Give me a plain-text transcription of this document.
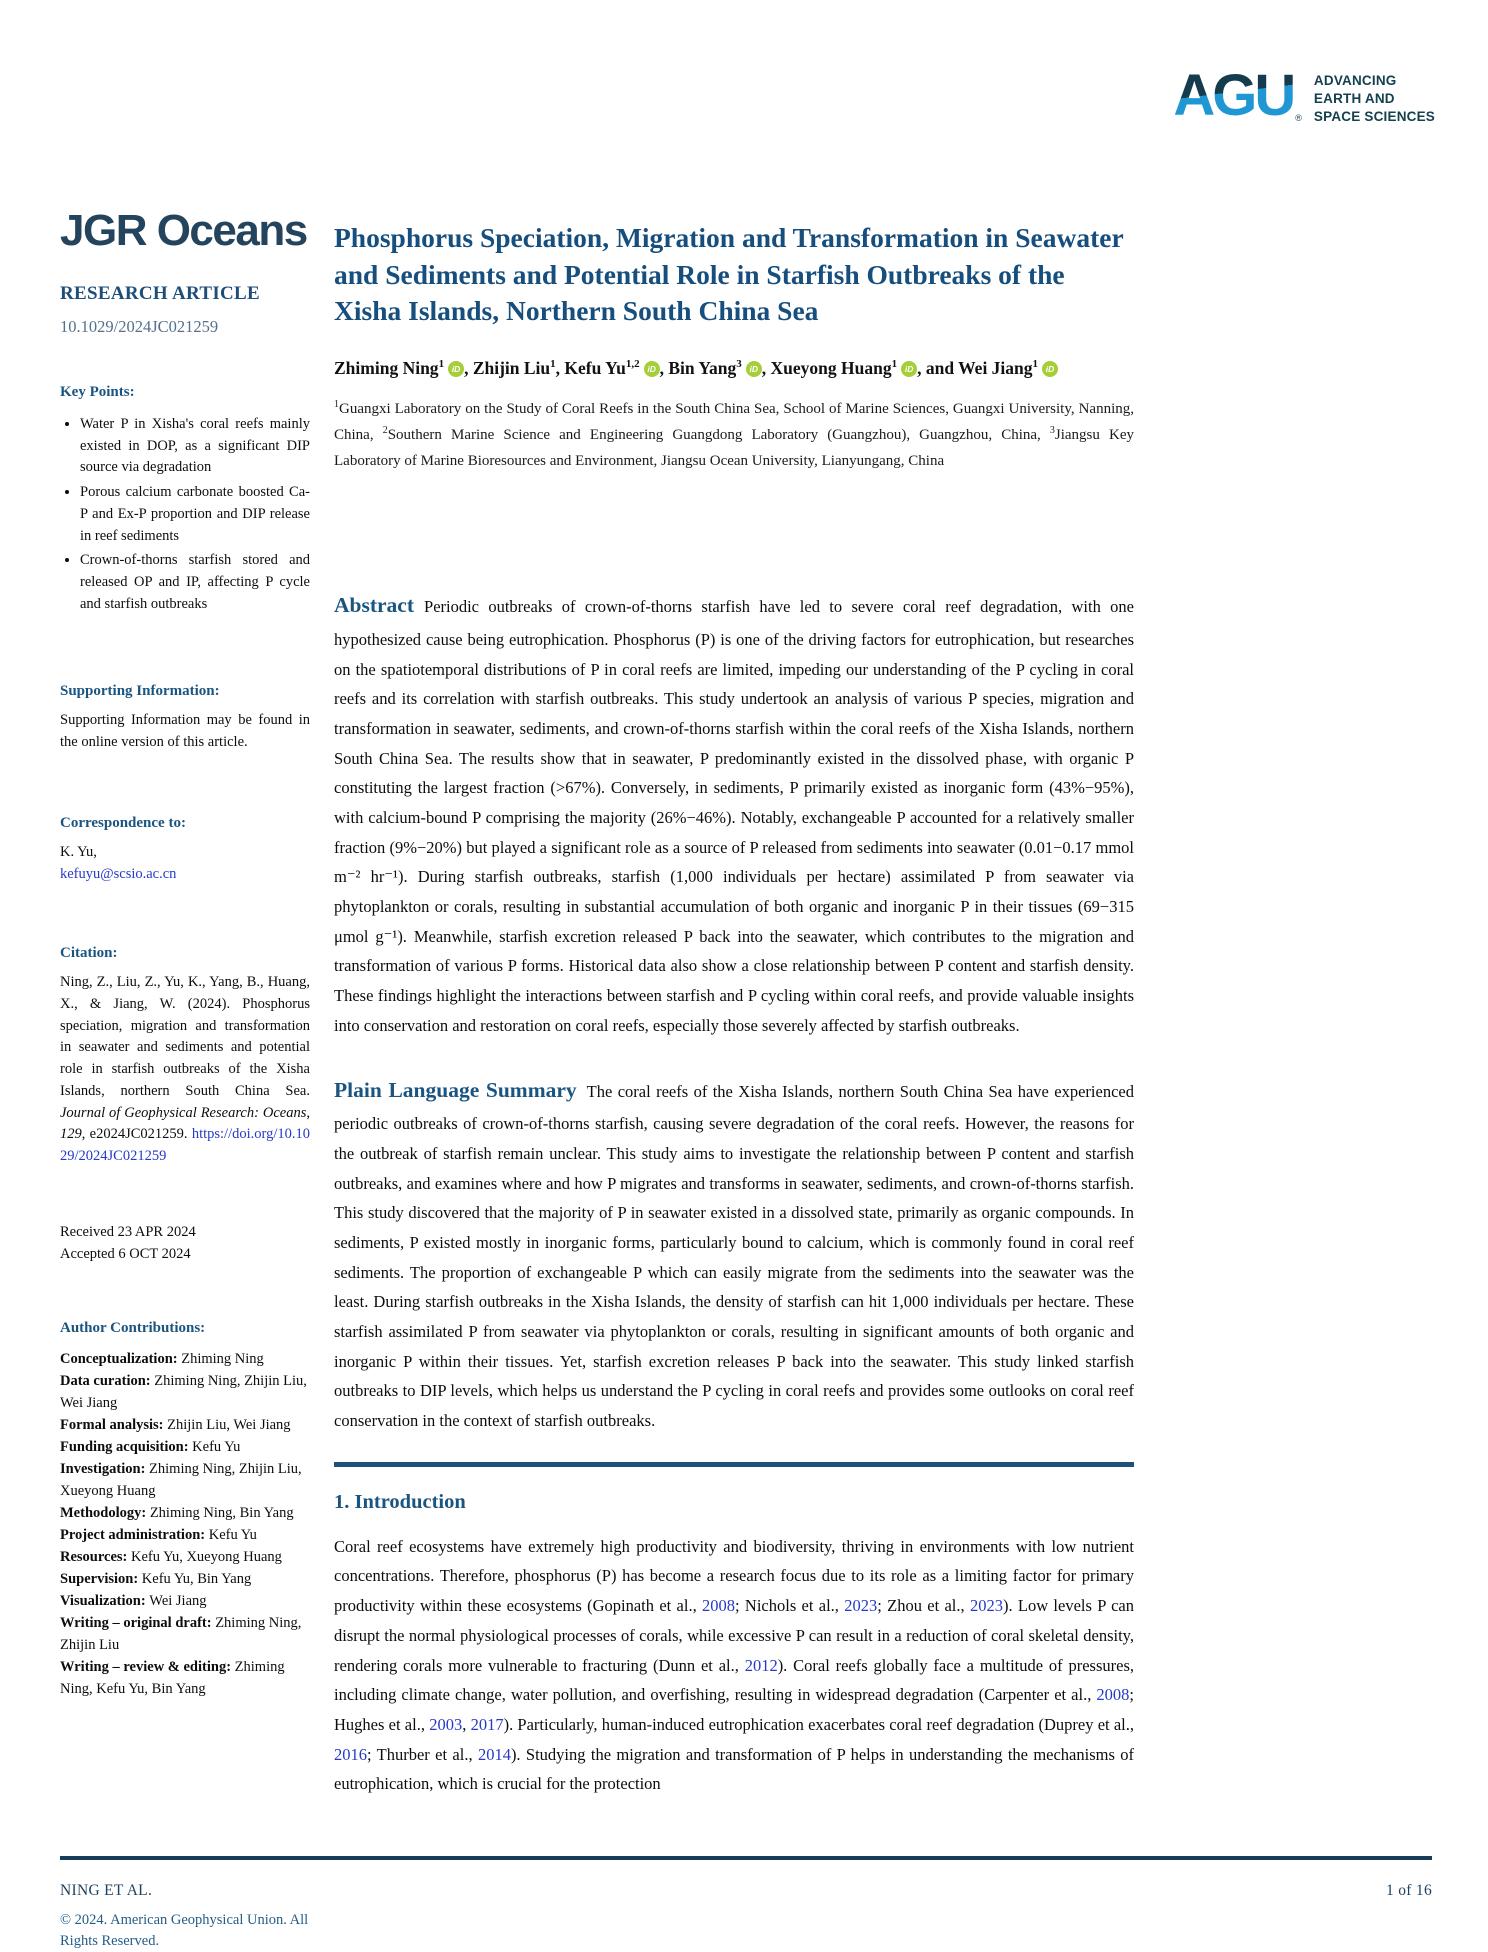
AGU ®
ADVANCING
EARTH AND
SPACE SCIENCES
JGR Oceans
RESEARCH ARTICLE
10.1029/2024JC021259
Key Points:
• Water P in Xisha's coral reefs mainly existed in DOP, as a significant DIP source via degradation
• Porous calcium carbonate boosted Ca-P and Ex-P proportion and DIP release in reef sediments
• Crown-of-thorns starfish stored and released OP and IP, affecting P cycle and starfish outbreaks
Supporting Information:

Supporting Information may be found in the online version of this article.

Correspondence to:

K. Yu,

kefuyu@scsio.ac.cn
Citation:

Ning, Z., Liu, Z., Yu, K., Yang, B., Huang, X., & Jiang, W. (2024). Phosphorus speciation, migration and transformation in seawater and sediments and potential role in starfish outbreaks of the Xisha Islands, northern South China Sea. Journal of Geophysical Research: Oceans, 129, e2024JC021259. https://doi.org/10.1029/2024JC021259

Received 23 APR 2024
Accepted 6 OCT 2024
Author Contributions:
Conceptualization: Zhiming Ning
Data curation: Zhiming Ning, Zhijin Liu, Wei Jiang
Formal analysis: Zhijin Liu, Wei Jiang
Funding acquisition: Kefu Yu
Investigation: Zhiming Ning, Zhijin Liu, Xueyong Huang
Methodology: Zhiming Ning, Bin Yang
Project administration: Kefu Yu
Resources: Kefu Yu, Xueyong Huang
Supervision: Kefu Yu, Bin Yang
Visualization: Wei Jiang
Writing – original draft: Zhiming Ning, Zhijin Liu
Writing – review & editing: Zhiming Ning, Kefu Yu, Bin Yang

© 2024. American Geophysical Union. All Rights Reserved.

Phosphorus Speciation, Migration and Transformation in Seawater and Sediments and Potential Role in Starfish Outbreaks of the Xisha Islands, Northern South China Sea

Zhiming Ning$^1$ iD , Zhijin Liu$^1$, Kefu Yu$^{1,2}$ iD , Bin Yang$^3$ iD , Xueyong Huang$^1$ iD , and Wei Jiang$^1$ iD

$^1$Guangxi Laboratory on the Study of Coral Reefs in the South China Sea, School of Marine Sciences, Guangxi University, Nanning, China, $^2$Southern Marine Science and Engineering Guangdong Laboratory (Guangzhou), Guangzhou, China, $^3$Jiangsu Key Laboratory of Marine Bioresources and Environment, Jiangsu Ocean University, Lianyungang, China

Abstract Periodic outbreaks of crown-of-thorns starfish have led to severe coral reef degradation, with one hypothesized cause being eutrophication. Phosphorus (P) is one of the driving factors for eutrophication, but researches on the spatiotemporal distributions of P in coral reefs are limited, impeding our understanding of the P cycling in coral reefs and its correlation with starfish outbreaks. This study undertook an analysis of various P species, migration and transformation in seawater, sediments, and crown-of-thorns starfish within the coral reefs of the Xisha Islands, northern South China Sea. The results show that in seawater, P predominantly existed in the dissolved phase, with organic P constituting the largest fraction (>67%). Conversely, in sediments, P primarily existed as inorganic form (43%−95%), with calcium-bound P comprising the majority (26%−46%). Notably, exchangeable P accounted for a relatively smaller fraction (9%−20%) but played a significant role as a source of P released from sediments into seawater (0.01−0.17 mmol m⁻² hr⁻¹). During starfish outbreaks, starfish (1,000 individuals per hectare) assimilated P from seawater via phytoplankton or corals, resulting in substantial accumulation of both organic and inorganic P in their tissues (69−315 μmol g⁻¹). Meanwhile, starfish excretion released P back into the seawater, which contributes to the migration and transformation of various P forms. Historical data also show a close relationship between P content and starfish density. These findings highlight the interactions between starfish and P cycling within coral reefs, and provide valuable insights into conservation and restoration on coral reefs, especially those severely affected by starfish outbreaks.

Plain Language Summary The coral reefs of the Xisha Islands, northern South China Sea have experienced periodic outbreaks of crown-of-thorns starfish, causing severe degradation of the coral reefs. However, the reasons for the outbreak of starfish remain unclear. This study aims to investigate the relationship between P content and starfish outbreaks, and examines where and how P migrates and transforms in seawater, sediments, and crown-of-thorns starfish. This study discovered that the majority of P in seawater existed in a dissolved state, primarily as organic compounds. In sediments, P existed mostly in inorganic forms, particularly bound to calcium, which is commonly found in coral reef sediments. The proportion of exchangeable P which can easily migrate from the sediments into the seawater was the least. During starfish outbreaks in the Xisha Islands, the density of starfish can hit 1,000 individuals per hectare. These starfish assimilated P from seawater via phytoplankton or corals, resulting in significant amounts of both organic and inorganic P within their tissues. Yet, starfish excretion releases P back into the seawater. This study linked starfish outbreaks to DIP levels, which helps us understand the P cycling in coral reefs and provides some outlooks on coral reef conservation in the context of starfish outbreaks.

1. Introduction

Coral reef ecosystems have extremely high productivity and biodiversity, thriving in environments with low nutrient concentrations. Therefore, phosphorus (P) has become a research focus due to its role as a limiting factor for primary productivity within these ecosystems (Gopinath et al., 2008; Nichols et al., 2023; Zhou et al., 2023). Low levels P can disrupt the normal physiological processes of corals, while excessive P can result in a reduction of coral skeletal density, rendering corals more vulnerable to fracturing (Dunn et al., 2012). Coral reefs globally face a multitude of pressures, including climate change, water pollution, and overfishing, resulting in widespread degradation (Carpenter et al., 2008; Hughes et al., 2003, 2017). Particularly, human-induced eutrophication exacerbates coral reef degradation (Duprey et al., 2016; Thurber et al., 2014). Studying the migration and transformation of P helps in understanding the mechanisms of eutrophication, which is crucial for the protection

NING ET AL.	1 of 16
